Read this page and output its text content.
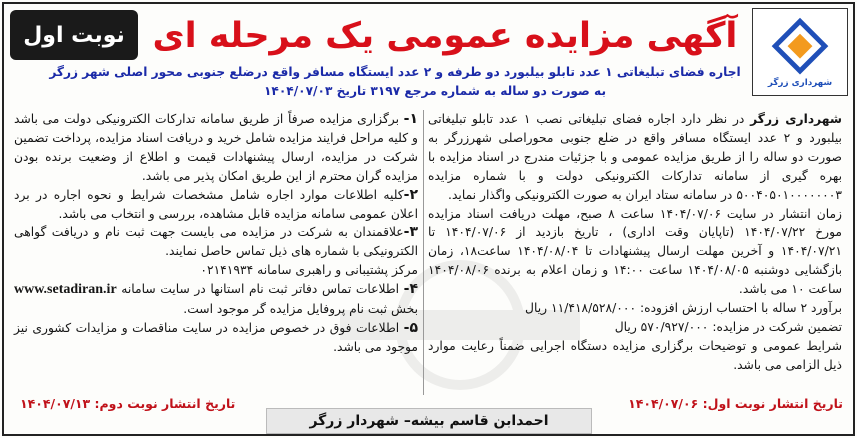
شهرداری زرگر
نوبت اول آگهی مزایده عمومی یک مرحله ای
اجاره فضای تبلیغاتی ۱ عدد تابلو بیلبورد دو طرفه و ۲ عدد ایستگاه مسافر واقع درضلع جنوبی محور اصلی شهر زرگر
به صورت دو ساله به شماره مرجع ۳۱۹۷ تاریخ ۱۴۰۴/۰۷/۰۳

شهرداری زرگر در نظر دارد اجاره فضای تبلیغاتی نصب ۱ عدد تابلو تبلیغاتی بیلبورد و ۲ عدد ایستگاه مسافر واقع در ضلع جنوبی محوراصلی شهرزرگر به صورت دو ساله را از طریق مزایده عمومی و با جزئیات مندرج در اسناد مزایده با بهره گیری از سامانه تدارکات الکترونیکی دولت و با شماره مزایده ۵۰۰۴۰۵۰۱۰۰۰۰۰۰۰۳ در سامانه ستاد ایران به صورت الکترونیکی واگذار نماید.

زمان انتشار در سایت ۱۴۰۴/۰۷/۰۶ ساعت ۸ صبح، مهلت دریافت اسناد مزایده مورخ ۱۴۰۴/۰۷/۲۲ (تاپایان وقت اداری) ، تاریخ بازدید از ۱۴۰۴/۰۷/۰۶ تا ۱۴۰۴/۰۷/۲۱ و آخرین مهلت ارسال پیشنهادات تا ۱۴۰۴/۰۸/۰۴ ساعت۱۸، زمان بازگشایی دوشنبه ۱۴۰۴/۰۸/۰۵ ساعت ۱۴:۰۰ و زمان اعلام به برنده ۱۴۰۴/۰۸/۰۶ ساعت ۱۰ می باشد.

برآورد ۲ ساله با احتساب ارزش افزوده: ۱۱/۴۱۸/۵۲۸/۰۰۰ ریال

تضمین شرکت در مزایده: ۵۷۰/۹۲۷/۰۰۰ ریال

شرایط عمومی و توضیحات برگزاری مزایده دستگاه اجرایی ضمناً رعایت موارد ذیل الزامی می باشد.

۱- برگزاری مزایده صرفاً از طریق سامانه تدارکات الکترونیکی دولت می باشد و کلیه مراحل فرایند مزایده شامل خرید و دریافت اسناد مزایده، پرداخت تضمین شرکت در مزایده، ارسال پیشنهادات قیمت و اطلاع از وضعیت برنده بودن مزایده گران محترم از این طریق امکان پذیر می باشد.

۲-کلیه اطلاعات موارد اجاره شامل مشخصات شرایط و نحوه اجاره در برد اعلان عمومی سامانه مزایده قابل مشاهده، بررسی و انتخاب می باشد.

۳-علاقمندان به شرکت در مزایده می بایست جهت ثبت نام و دریافت گواهی الکترونیکی با شماره های ذیل تماس حاصل نمایند.

مرکز پشتیبانی و راهبری سامانه ۰۲۱۴۱۹۳۴

۴- اطلاعات تماس دفاتر ثبت نام استانها در سایت سامانه www.setadiran.ir بخش ثبت نام پروفایل مزایده گر موجود است.

۵- اطلاعات فوق در خصوص مزایده در سایت مناقصات و مزایدات کشوری نیز موجود می باشد.

تاریخ انتشار نوبت اول: ۱۴۰۴/۰۷/۰۶
تاریخ انتشار نوبت دوم: ۱۴۰۴/۰۷/۱۳
احمدابن قاسم بیشه– شهردار زرگر
